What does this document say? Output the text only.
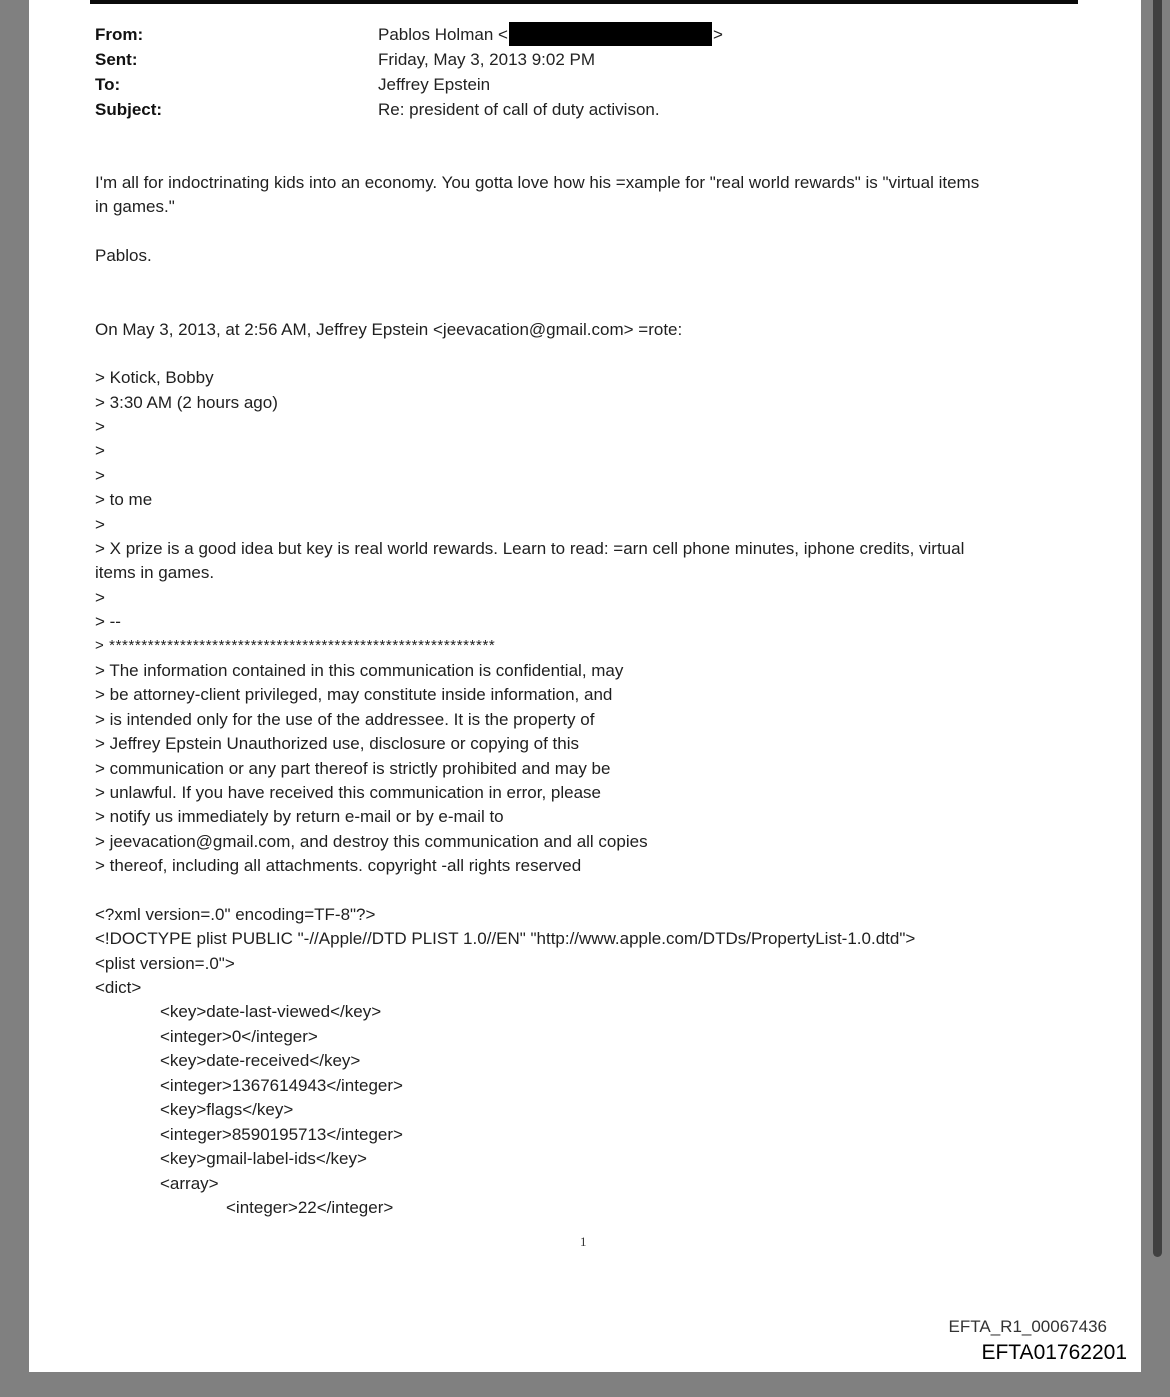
From:	Pablos Holman <	>
Sent:	Friday, May 3, 2013 9:02 PM
To:	Jeffrey Epstein
Subject:	Re: president of call of duty activison.
I'm all for indoctrinating kids into an economy. You gotta love how his =xample for "real world rewards" is "virtual items
in games."
Pablos.
On May 3, 2013, at 2:56 AM, Jeffrey Epstein <jeevacation@gmail.com> =rote:
> Kotick, Bobby
> 3:30 AM (2 hours ago)
>
>
>
> to me
>
> X prize is a good idea but key is real world rewards. Learn to read: =arn cell phone minutes, iphone credits, virtual
items in games.
>
> --
> ************************************************************
> The information contained in this communication is confidential, may
> be attorney-client privileged, may constitute inside information, and
> is intended only for the use of the addressee. It is the property of
> Jeffrey Epstein Unauthorized use, disclosure or copying of this
> communication or any part thereof is strictly prohibited and may be
> unlawful. If you have received this communication in error, please
> notify us immediately by return e-mail or by e-mail to
> jeevacation@gmail.com, and destroy this communication and all copies
> thereof, including all attachments. copyright -all rights reserved
<?xml version=.0" encoding=TF-8"?>
<!DOCTYPE plist PUBLIC "-//Apple//DTD PLIST 1.0//EN" "http://www.apple.com/DTDs/PropertyList-1.0.dtd">
<plist version=.0">
<dict>
<key>date-last-viewed</key>
<integer>0</integer>
<key>date-received</key>
<integer>1367614943</integer>
<key>flags</key>
<integer>8590195713</integer>
<key>gmail-label-ids</key>
<array>
<integer>22</integer>
1
EFTA_R1_00067436
EFTA01762201
